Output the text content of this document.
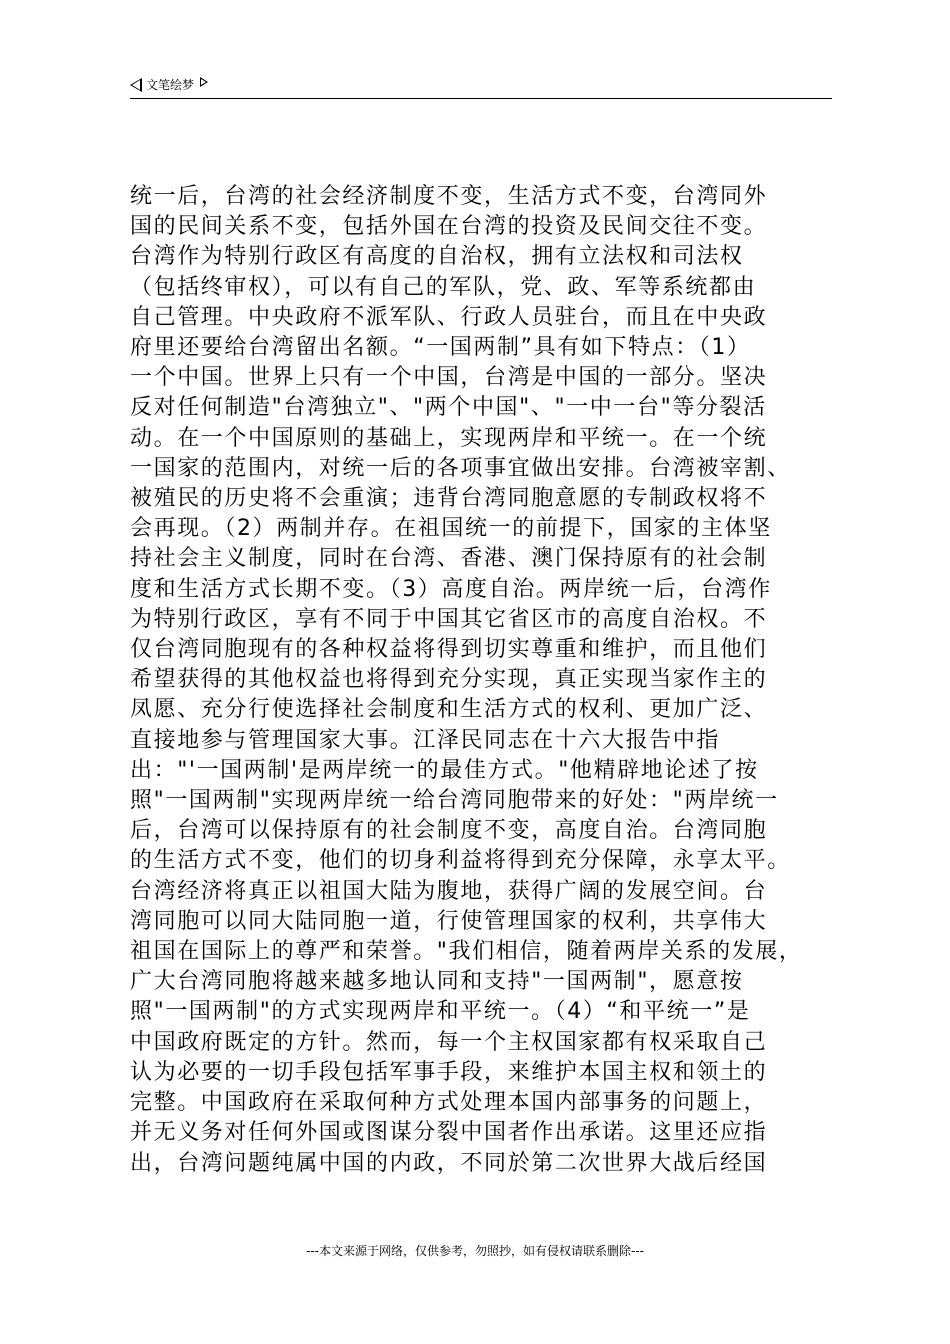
文笔绘梦
统一后，台湾的社会经济制度不变，生活方式不变，台湾同外
国的民间关系不变，包括外国在台湾的投资及民间交往不变。
台湾作为特别行政区有高度的自治权，拥有立法权和司法权
（包括终审权），可以有自己的军队，党、政、军等系统都由
自己管理。中央政府不派军队、行政人员驻台，而且在中央政
府里还要给台湾留出名额。“一国两制”具有如下特点：（1）
一个中国。世界上只有一个中国，台湾是中国的一部分。坚决
反对任何制造"台湾独立"、"两个中国"、"一中一台"等分裂活
动。在一个中国原则的基础上，实现两岸和平统一。在一个统
一国家的范围内，对统一后的各项事宜做出安排。台湾被宰割、
被殖民的历史将不会重演；违背台湾同胞意愿的专制政权将不
会再现。（2）两制并存。在祖国统一的前提下，国家的主体坚
持社会主义制度，同时在台湾、香港、澳门保持原有的社会制
度和生活方式长期不变。（3）高度自治。两岸统一后，台湾作
为特别行政区，享有不同于中国其它省区市的高度自治权。不
仅台湾同胞现有的各种权益将得到切实尊重和维护，而且他们
希望获得的其他权益也将得到充分实现，真正实现当家作主的
凤愿、充分行使选择社会制度和生活方式的权利、更加广泛、
直接地参与管理国家大事。江泽民同志在十六大报告中指
出："'一国两制'是两岸统一的最佳方式。"他精辟地论述了按
照"一国两制"实现两岸统一给台湾同胞带来的好处："两岸统一
后，台湾可以保持原有的社会制度不变，高度自治。台湾同胞
的生活方式不变，他们的切身利益将得到充分保障，永享太平。
台湾经济将真正以祖国大陆为腹地，获得广阔的发展空间。台
湾同胞可以同大陆同胞一道，行使管理国家的权利，共享伟大
祖国在国际上的尊严和荣誉。"我们相信，随着两岸关系的发展，
广大台湾同胞将越来越多地认同和支持"一国两制"，愿意按
照"一国两制"的方式实现两岸和平统一。（4）“和平统一”是
中国政府既定的方针。然而，每一个主权国家都有权采取自己
认为必要的一切手段包括军事手段，来维护本国主权和领土的
完整。中国政府在采取何种方式处理本国内部事务的问题上，
并无义务对任何外国或图谋分裂中国者作出承诺。这里还应指
出，台湾问题纯属中国的内政，不同於第二次世界大战后经国
---本文来源于网络，仅供参考，勿照抄，如有侵权请联系删除---
